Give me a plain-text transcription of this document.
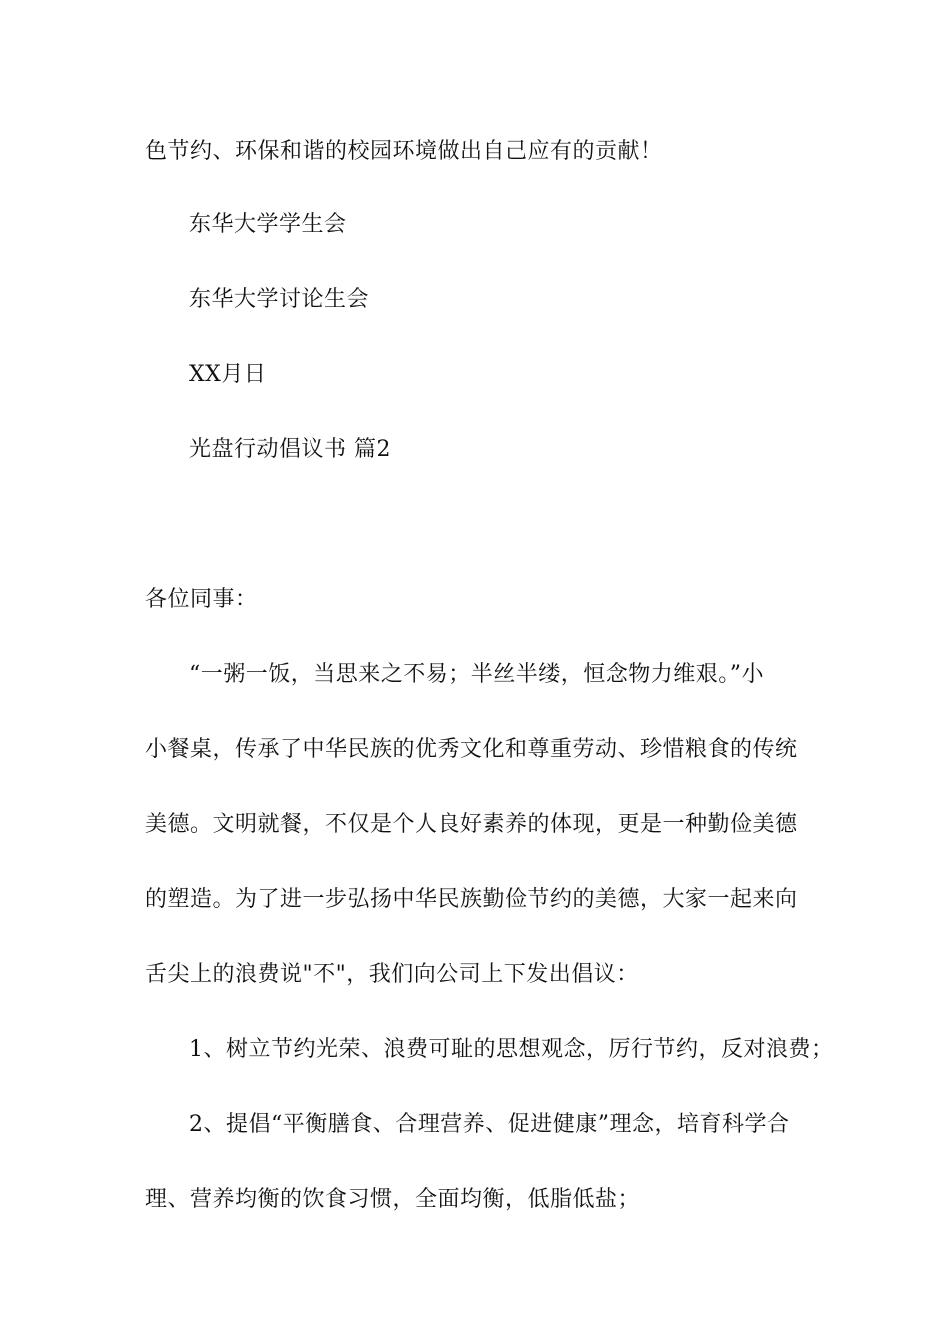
色节约、环保和谐的校园环境做出自己应有的贡献！
东华大学学生会
东华大学讨论生会
XX月日
光盘行动倡议书 篇2
各位同事：
“一粥一饭，当思来之不易；半丝半缕，恒念物力维艰。”小
小餐桌，传承了中华民族的优秀文化和尊重劳动、珍惜粮食的传统
美德。文明就餐，不仅是个人良好素养的体现，更是一种勤俭美德
的塑造。为了进一步弘扬中华民族勤俭节约的美德，大家一起来向
舌尖上的浪费说"不"，我们向公司上下发出倡议：
1、树立节约光荣、浪费可耻的思想观念，厉行节约，反对浪费；
2、提倡“平衡膳食、合理营养、促进健康”理念，培育科学合
理、营养均衡的饮食习惯，全面均衡，低脂低盐；
